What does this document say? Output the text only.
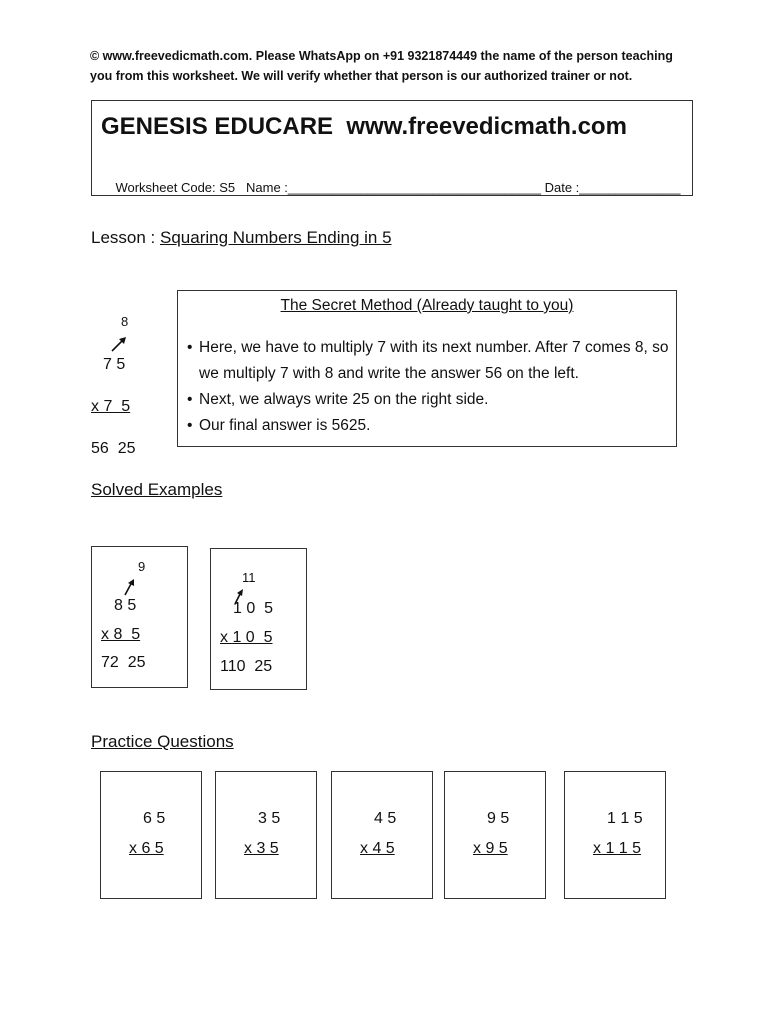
© www.freevedicmath.com. Please WhatsApp on +91 9321874449 the name of the person teaching
you from this worksheet. We will verify whether that person is our authorized trainer or not.
GENESIS EDUCARE  www.freevedicmath.com

Worksheet Code: S5 Name :___________________________________ Date :______________

Lesson : Squaring Numbers Ending in 5
8
7 5
x 7  5
56  25
The Secret Method (Already taught to you)
• Here, we have to multiply 7 with its next number. After 7 comes 8, so we multiply 7 with 8 and write the answer 56 on the left.
• Next, we always write 25 on the right side.
• Our final answer is 5625.
Solved Examples
9
8 5
x 8  5
72  25
11
1 0  5
x 1 0  5
110  25
Practice Questions
6 5
x 6 5
3 5
x 3 5
4 5
x 4 5
9 5
x 9 5
1 1 5
x 1 1 5
